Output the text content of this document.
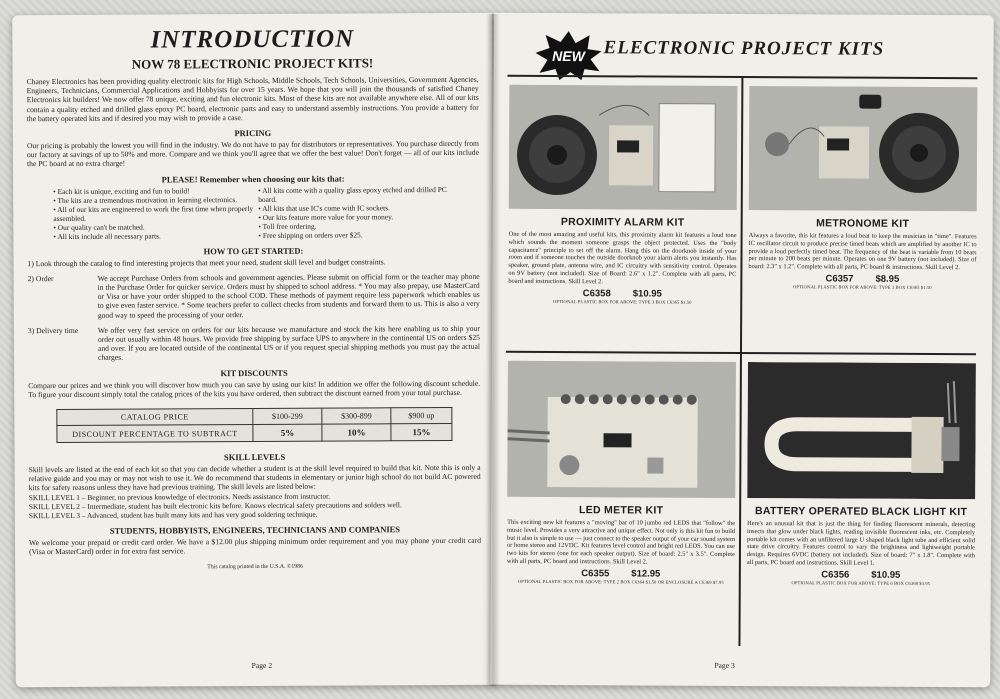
INTRODUCTION
NOW 78 ELECTRONIC PROJECT KITS!

Chaney Electronics has been providing quality electronic kits for High Schools, Middle Schools, Tech Schools, Universities, Government Agencies, Engineers, Technicians, Commercial Applications and Hobbyists for over 15 years. We hope that you will join the thousands of satisfied Chaney Electronics kit builders! We now offer 78 unique, exciting and fun electronic kits. Most of these kits are not available anywhere else. All of our kits contain a quality etched and drilled glass epoxy PC board, electronic parts and easy to understand assembly instructions. You provide a battery for the battery operated kits and if desired you may wish to provide a case.

PRICING

Our pricing is probably the lowest you will find in the industry. We do not have to pay for distributors or representatives. You purchase directly from our factory at savings of up to 50% and more. Compare and we think you'll agree that we offer the best value! Don't forget — all of our kits include the PC board at no extra charge!

PLEASE! Remember when choosing our kits that:
• Each kit is unique, exciting and fun to build!
• The kits are a tremendous motivation in learning electronics.
• All of our kits are engineered to work the first time when properly assembled.
• Our quality can't be matched.
• All kits include all necessary parts.
• All kits come with a quality glass epoxy etched and drilled PC board.
• All kits that use IC's come with IC sockets.
• Our kits feature more value for your money.
• Toll free ordering.
• Free shipping on orders over $25.
HOW TO GET STARTED:

1) Look through the catalog to find interesting projects that meet your need, student skill level and budget constraints.

2) Order	We accept Purchase Orders from schools and government agencies. Please submit on official form or the teacher may phone in the Purchase Order for quicker service. Orders must by shipped to school address. * You may also prepay, use MasterCard or Visa or have your order shipped to the school COD. These methods of payment require less paperwork which enables us to give even faster service. * Some teachers prefer to collect checks from students and forward them to us. This is also a very good way to speed the processing of your order.
3) Delivery time	We offer very fast service on orders for our kits because we manufacture and stock the kits here enabling us to ship your order out usually within 48 hours. We provide free shipping by surface UPS to anywhere in the continental US on orders $25 and over. If you are located outside of the continental US or if you request special shipping methods you must pay the actual charges.
KIT DISCOUNTS

Compare our prices and we think you will discover how much you can save by using our kits! In addition we offer the following discount schedule. To figure your discount simply total the catalog prices of the kits you have ordered, then subtract the discount earned from your total purchase.

CATALOG PRICE	$100-299	$300-899	$900 up
DISCOUNT PERCENTAGE TO SUBTRACT	5%	10%	15%
SKILL LEVELS

Skill levels are listed at the end of each kit so that you can decide whether a student is at the skill level required to build that kit. Note this is only a relative guide and you may or may not wish to use it. We do recommend that students in elementary or junior high school do not build AC powered kits for safety reasons unless they have had previous training. The skill levels are listed below:

SKILL LEVEL 1 – Beginner, no previous knowledge of electronics. Needs assistance from instructor.

SKILL LEVEL 2 – Intermediate, student has built electronic kits before. Knows electrical safety precautions and solders well.

SKILL LEVEL 3 – Advanced, student has built many kits and has very good soldering technique.

STUDENTS, HOBBYISTS, ENGINEERS, TECHNICIANS AND COMPANIES

We welcome your prepaid or credit card order. We have a $12.00 plus shipping minimum order requirement and you may phone your credit card (Visa or MasterCard) order in for extra fast service.

This catalog printed in the U.S.A. ©1986
Page 2
NEW ELECTRONIC PROJECT KITS
PROXIMITY ALARM KIT

One of the most amazing and useful kits, this proximity alarm kit features a loud tone which sounds the moment someone grasps the object protected. Uses the "body capacitance" principle to set off the alarm. Hang this on the doorknob inside of your room and if someone touches the outside doorknob your alarm alerts you instantly. Has speaker, ground plate, antenna wire, and IC circuitry with sensitivity control. Operates on 9V battery (not included). Size of Board: 2.6" x 1.2". Complete with all parts, PC board and instructions. Skill Level 2.

C6358 $10.95
OPTIONAL PLASTIC BOX FOR ABOVE: TYPE 3 BOX C6365 $1.50
METRONOME KIT

Always a favorite, this kit features a loud beat to keep the musician in "time". Features IC oscillator circuit to produce precise timed beats which are amplified by another IC to provide a loud perfectly timed beat. The frequency of the beat is variable from 10 beats per minute to 200 beats per minute. Operates on one 9V battery (not included). Size of board: 2.3" x 1.2". Complete with all parts, PC board & instructions. Skill Level 2.

C6357 $8.95
OPTIONAL PLASTIC BOX FOR ABOVE: TYPE 3 BOX C6365 $1.50
LED METER KIT

This exciting new kit features a "moving" bar of 10 jumbo red LEDS that "follow" the music level. Provides a very attractive and unique effect. Not only is this kit fun to build but it also is simple to use — just connect to the speaker output of your car sound system or home stereo and 12VDC. Kit features level control and bright red LEDS. You can use two kits for stereo (one for each speaker output). Size of board: 2.5" x 3.5". Complete with all parts, PC board and instructions. Skill Level 2.

C6355 $12.95
OPTIONAL PLASTIC BOX FOR ABOVE: TYPE 2 BOX C6364 $1.50 OR ENCLOSURE A C6369 $7.95
BATTERY OPERATED BLACK LIGHT KIT

Here's an unusual kit that is just the thing for finding fluorescent minerals, detecting insects that glow under black lights, reading invisible fluorescent inks, etc. Completely portable kit comes with an unfiltered large U shaped black light tube and efficient solid state drive circuitry. Features control to vary the brightness and lightweight portable design. Requires 6VDC (battery not included). Size of board: 7" x 1.8". Complete with all parts, PC board and instructions. Skill Level 1.

C6356 $10.95
OPTIONAL PLASTIC BOX FOR ABOVE: TYPE 6 BOX C6368 $3.95
Page 3
